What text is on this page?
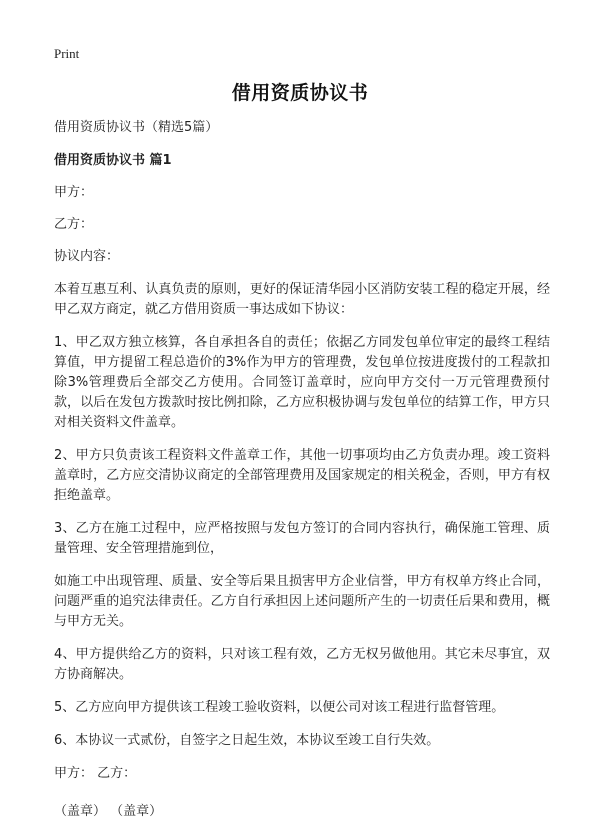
Print
借用资质协议书

借用资质协议书（精选5篇）

借用资质协议书 篇1

甲方：

乙方：

协议内容：

本着互惠互利、认真负责的原则，更好的保证清华园小区消防安装工程的稳定开展，经甲乙双方商定，就乙方借用资质一事达成如下协议：

1、甲乙双方独立核算，各自承担各自的责任；依据乙方同发包单位审定的最终工程结算值，甲方提留工程总造价的3%作为甲方的管理费，发包单位按进度拨付的工程款扣除3%管理费后全部交乙方使用。合同签订盖章时，应向甲方交付一万元管理费预付款，以后在发包方拨款时按比例扣除，乙方应积极协调与发包单位的结算工作，甲方只对相关资料文件盖章。

2、甲方只负责该工程资料文件盖章工作，其他一切事项均由乙方负责办理。竣工资料盖章时，乙方应交清协议商定的全部管理费用及国家规定的相关税金，否则，甲方有权拒绝盖章。

3、乙方在施工过程中，应严格按照与发包方签订的合同内容执行，确保施工管理、质量管理、安全管理措施到位，

如施工中出现管理、质量、安全等后果且损害甲方企业信誉，甲方有权单方终止合同，问题严重的追究法律责任。乙方自行承担因上述问题所产生的一切责任后果和费用，概与甲方无关。

4、甲方提供给乙方的资料，只对该工程有效，乙方无权另做他用。其它未尽事宜，双方协商解决。

5、乙方应向甲方提供该工程竣工验收资料，以便公司对该工程进行监督管理。

6、本协议一式贰份，自签字之日起生效，本协议至竣工自行失效。

甲方： 乙方：

（盖章） （盖章）
